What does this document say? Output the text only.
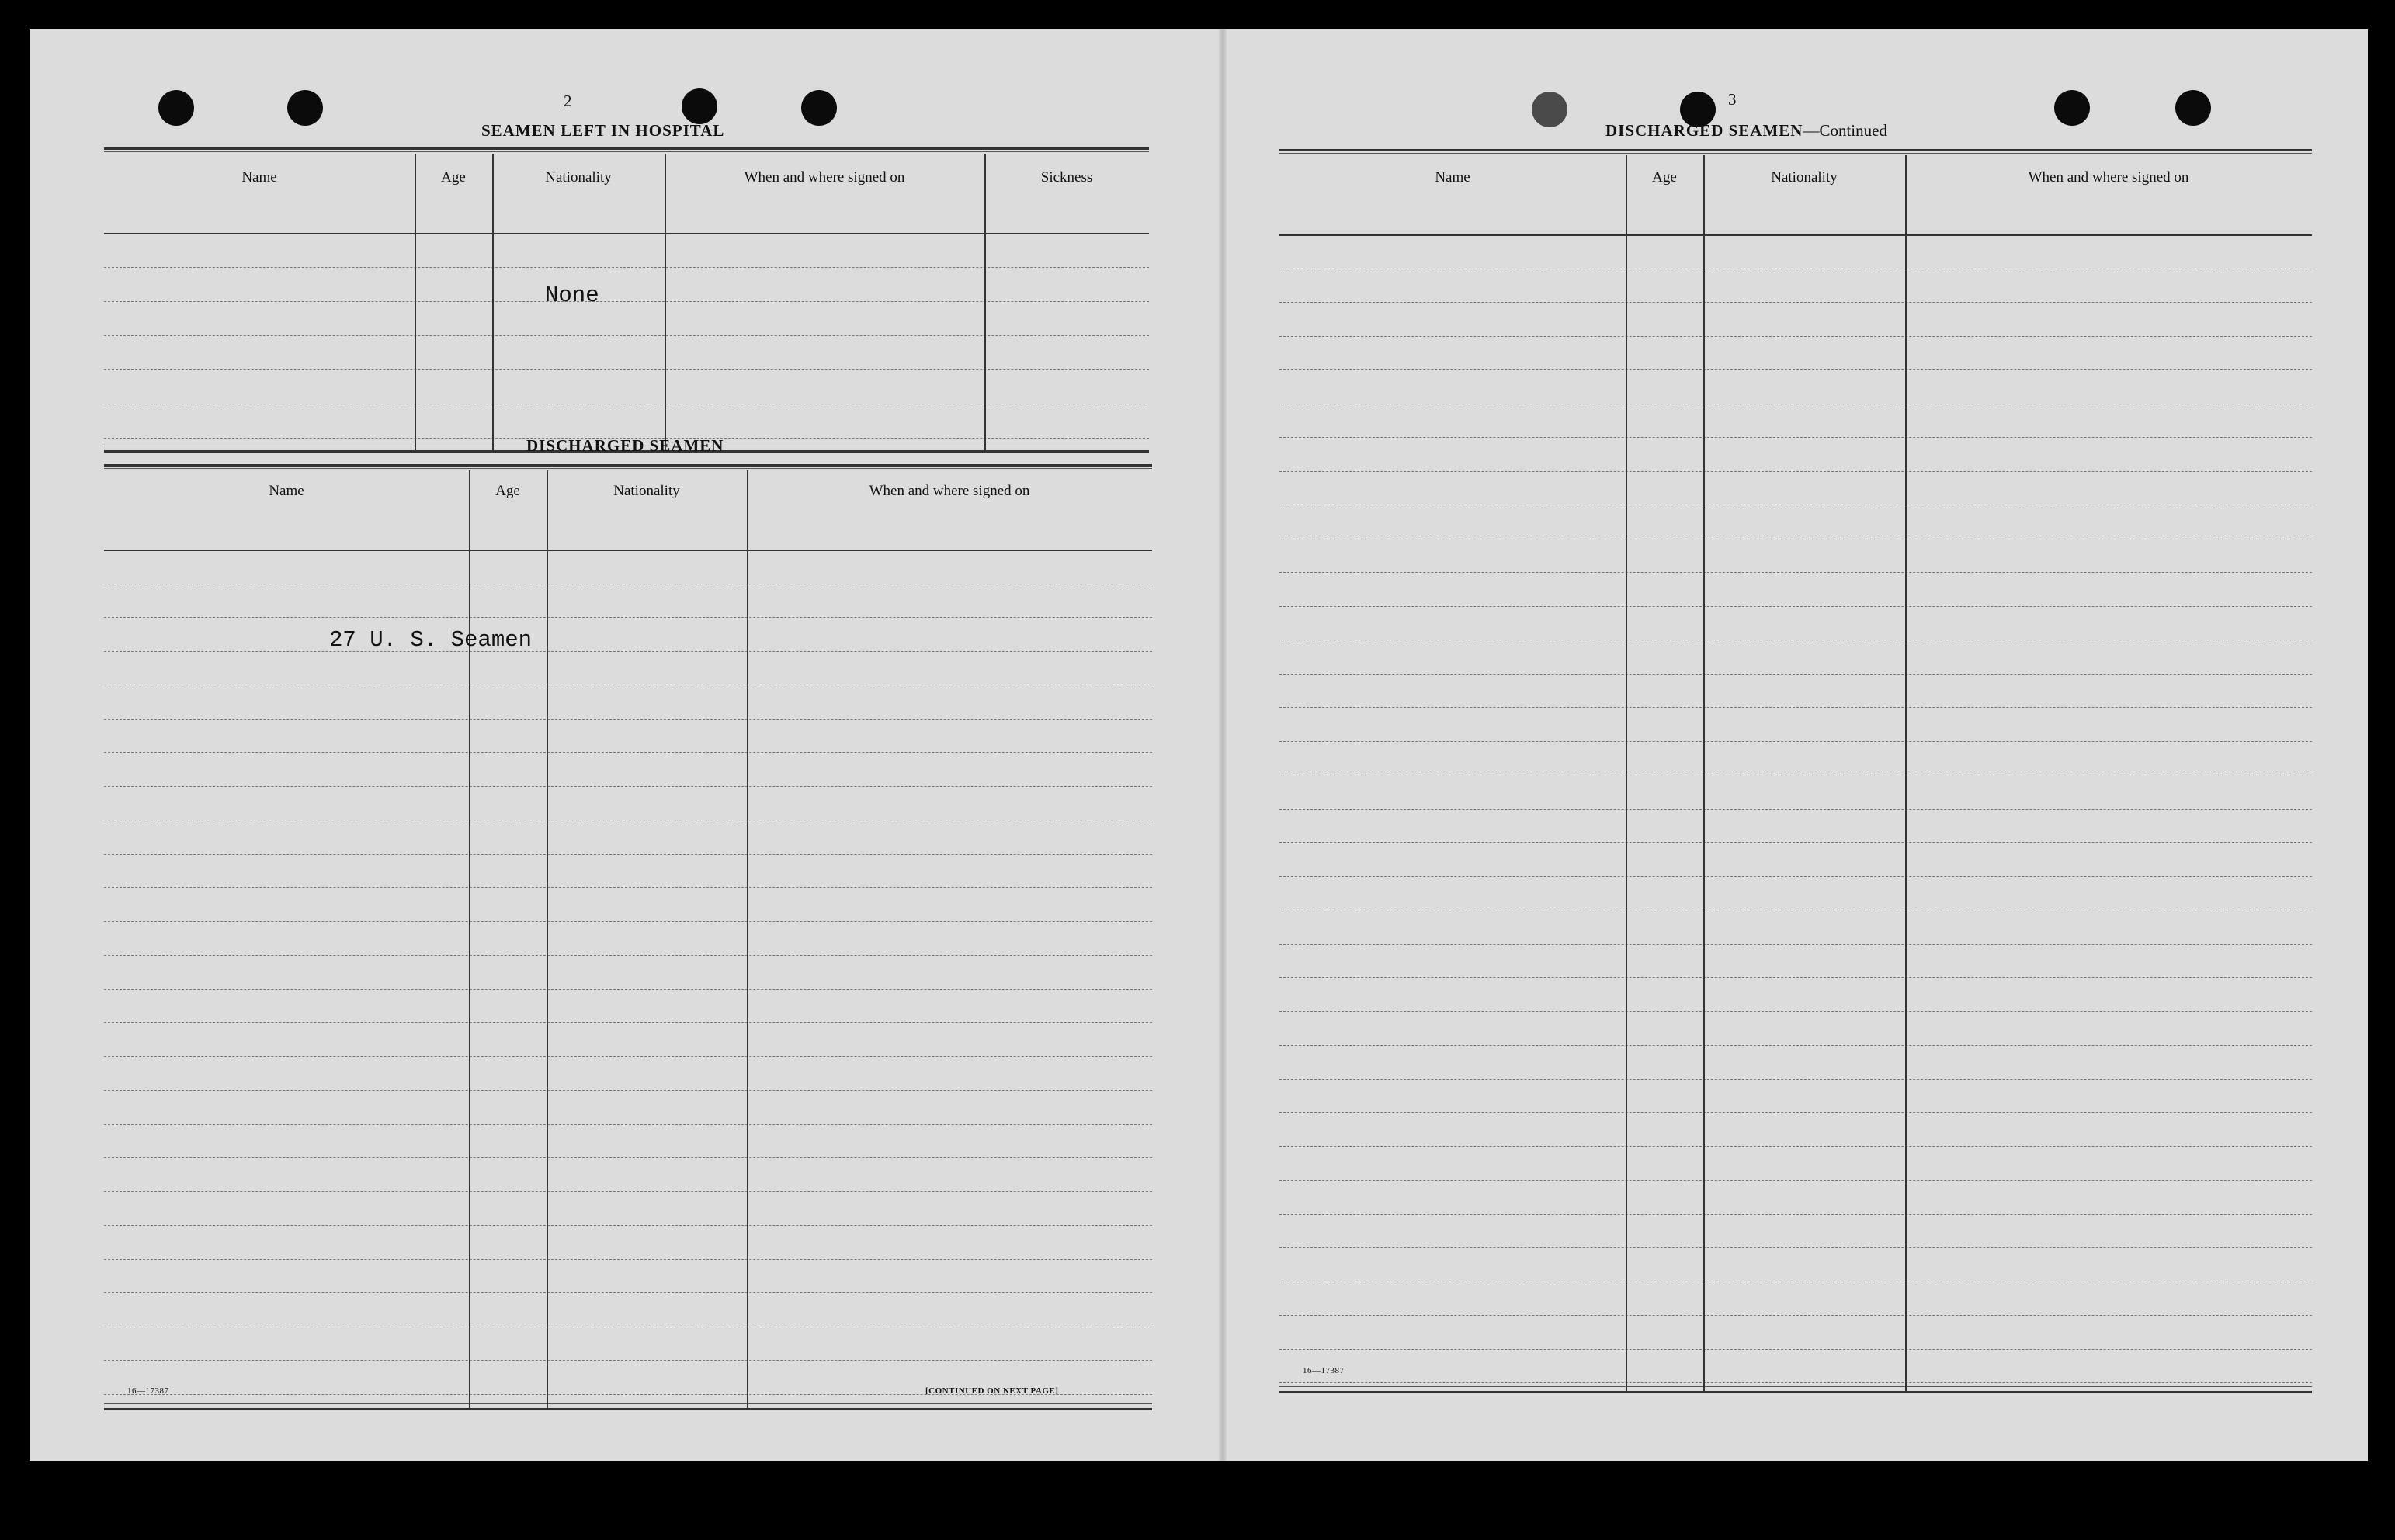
2
SEAMEN LEFT IN HOSPITAL
Name	Age	Nationality	When and where signed on	Sickness
None
DISCHARGED SEAMEN
Name	Age	Nationality	When and where signed on
27 U. S. Seamen
16—17387	[CONTINUED ON NEXT PAGE]
3
DISCHARGED SEAMEN—Continued
Name	Age	Nationality	When and where signed on
16—17387
